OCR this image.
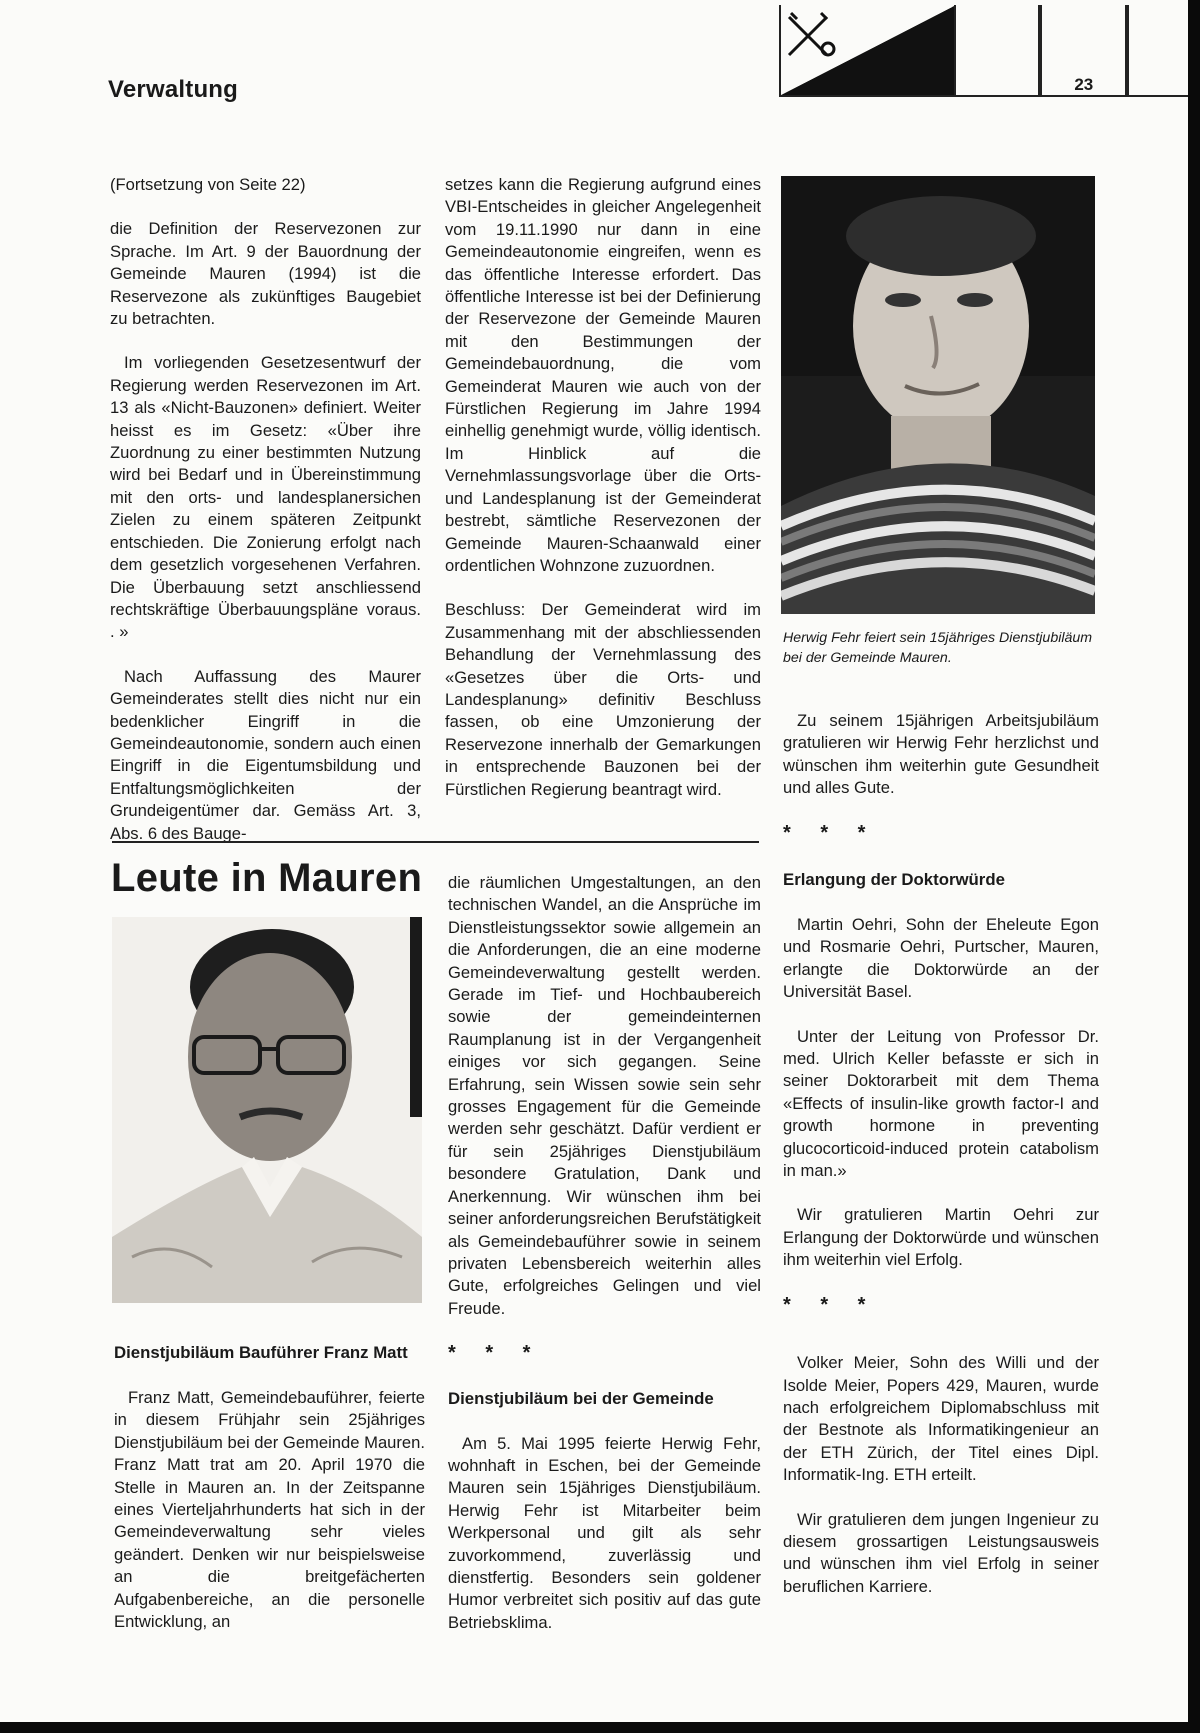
Verwaltung	23

(Fortsetzung von Seite 22)

die Definition der Reservezonen zur Sprache. Im Art. 9 der Bauordnung der Gemeinde Mauren (1994) ist die Reservezone als zukünftiges Baugebiet zu betrachten.

Im vorliegenden Gesetzesentwurf der Regierung werden Reservezonen im Art. 13 als «Nicht-Bauzonen» definiert. Weiter heisst es im Gesetz: «Über ihre Zuordnung zu einer bestimmten Nutzung wird bei Bedarf und in Übereinstimmung mit den orts- und landesplanersichen Zielen zu einem späteren Zeitpunkt entschieden. Die Zonierung erfolgt nach dem gesetzlich vorgesehenen Verfahren. Die Überbauung setzt anschliessend rechtskräftige Überbauungspläne voraus. . »

Nach Auffassung des Maurer Gemeinderates stellt dies nicht nur ein bedenklicher Eingriff in die Gemeindeautonomie, sondern auch einen Eingriff in die Eigentumsbildung und Entfaltungsmöglichkeiten der Grundeigentümer dar. Gemäss Art. 3, Abs. 6 des Bauge-

setzes kann die Regierung aufgrund eines VBI-Entscheides in gleicher Angelegenheit vom 19.11.1990 nur dann in eine Gemeindeautonomie eingreifen, wenn es das öffentliche Interesse erfordert. Das öffentliche Interesse ist bei der Definierung der Reservezone der Gemeinde Mauren mit den Bestimmungen der Gemeindebauordnung, die vom Gemeinderat Mauren wie auch von der Fürstlichen Regierung im Jahre 1994 einhellig genehmigt wurde, völlig identisch. Im Hinblick auf die Vernehmlassungsvorlage über die Orts- und Landesplanung ist der Gemeinderat bestrebt, sämtliche Reservezonen der Gemeinde Mauren-Schaanwald einer ordentlichen Wohnzone zuzuordnen.

Beschluss: Der Gemeinderat wird im Zusammenhang mit der abschliessenden Behandlung der Vernehmlassung des «Gesetzes über die Orts- und Landesplanung» definitiv Beschluss fassen, ob eine Umzonierung der Reservezone innerhalb der Gemarkungen in entsprechende Bauzonen bei der Fürstlichen Regierung beantragt wird.

Herwig Fehr feiert sein 15jähriges Dienstjubiläum bei der Gemeinde Mauren.

Zu seinem 15jährigen Arbeitsjubiläum gratulieren wir Herwig Fehr herzlichst und wünschen ihm weiterhin gute Gesundheit und alles Gute.

* * *

Leute in Mauren
Dienstjubiläum Bauführer Franz Matt

Franz Matt, Gemeindebauführer, feierte in diesem Frühjahr sein 25jähriges Dienstjubiläum bei der Gemeinde Mauren. Franz Matt trat am 20. April 1970 die Stelle in Mauren an. In der Zeitspanne eines Vierteljahrhunderts hat sich in der Gemeindeverwaltung sehr vieles geändert. Denken wir nur beispielsweise an die breitgefächerten Aufgabenbereiche, an die personelle Entwicklung, an

die räumlichen Umgestaltungen, an den technischen Wandel, an die Ansprüche im Dienstleistungssektor sowie allgemein an die Anforderungen, die an eine moderne Gemeindeverwaltung gestellt werden. Gerade im Tief- und Hochbaubereich sowie der gemeindeinternen Raumplanung ist in der Vergangenheit einiges vor sich gegangen. Seine Erfahrung, sein Wissen sowie sein sehr grosses Engagement für die Gemeinde werden sehr geschätzt. Dafür verdient er für sein 25jähriges Dienstjubiläum besondere Gratulation, Dank und Anerkennung. Wir wünschen ihm bei seiner anforderungsreichen Berufstätigkeit als Gemeindebauführer sowie in seinem privaten Lebensbereich weiterhin alles Gute, erfolgreiches Gelingen und viel Freude.

* * *

Dienstjubiläum bei der Gemeinde

Am 5. Mai 1995 feierte Herwig Fehr, wohnhaft in Eschen, bei der Gemeinde Mauren sein 15jähriges Dienstjubiläum. Herwig Fehr ist Mitarbeiter beim Werkpersonal und gilt als sehr zuvorkommend, zuverlässig und dienstfertig. Besonders sein goldener Humor verbreitet sich positiv auf das gute Betriebsklima.

Erlangung der Doktorwürde

Martin Oehri, Sohn der Eheleute Egon und Rosmarie Oehri, Purtscher, Mauren, erlangte die Doktorwürde an der Universität Basel.

Unter der Leitung von Professor Dr. med. Ulrich Keller befasste er sich in seiner Doktorarbeit mit dem Thema «Effects of insulin-like growth factor-I and growth hormone in preventing glucocorticoid-induced protein catabolism in man.»

Wir gratulieren Martin Oehri zur Erlangung der Doktorwürde und wünschen ihm weiterhin viel Erfolg.

* * *

Volker Meier, Sohn des Willi und der Isolde Meier, Popers 429, Mauren, wurde nach erfolgreichem Diplomabschluss mit der Bestnote als Informatikingenieur an der ETH Zürich, der Titel eines Dipl. Informatik-Ing. ETH erteilt.

Wir gratulieren dem jungen Ingenieur zu diesem grossartigen Leistungsausweis und wünschen ihm viel Erfolg in seiner beruflichen Karriere.
